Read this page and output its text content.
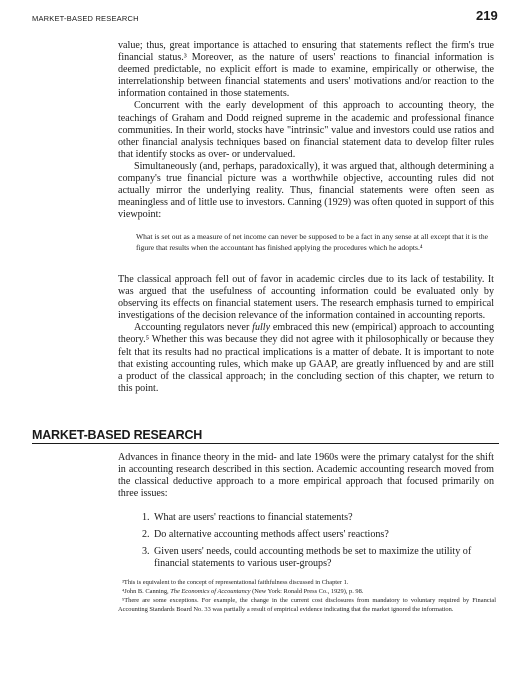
MARKET-BASED RESEARCH	219

value; thus, great importance is attached to ensuring that statements reflect the firm's true financial status.³ Moreover, as the nature of users' reactions to financial information is deemed predictable, no explicit effort is made to examine, empirically or otherwise, the interrelationship between financial statements and users' motivations and/or reaction to the information contained in those statements.

Concurrent with the early development of this approach to accounting theory, the teachings of Graham and Dodd reigned supreme in the academic and professional finance communities. In their world, stocks have "intrinsic" value and investors could use ratios and other financial analysis techniques based on financial statement data to develop filter rules that identify stocks as over- or undervalued.

Simultaneously (and, perhaps, paradoxically), it was argued that, although determining a company's true financial picture was a worthwhile objective, accounting rules did not actually mirror the underlying reality. Thus, financial statements were often seen as meaningless and of little use to investors. Canning (1929) was often quoted in support of this viewpoint:

What is set out as a measure of net income can never be supposed to be a fact in any sense at all except that it is the figure that results when the accountant has finished applying the procedures which he adopts.⁴

The classical approach fell out of favor in academic circles due to its lack of testability. It was argued that the usefulness of accounting information could be evaluated only by observing its effects on financial statement users. The research emphasis turned to empirical investigations of the decision relevance of the information contained in accounting reports.

Accounting regulators never fully embraced this new (empirical) approach to accounting theory.⁵ Whether this was because they did not agree with it philosophically or because they felt that its results had no practical implications is a matter of debate. It is important to note that existing accounting rules, which make up GAAP, are greatly influenced by and are still a product of the classical approach; in the concluding section of this chapter, we return to this point.

MARKET-BASED RESEARCH

Advances in finance theory in the mid- and late 1960s were the primary catalyst for the shift in accounting research described in this section. Academic accounting research moved from the classical deductive approach to a more empirical approach that focused primarily on three issues:

1. What are users' reactions to financial statements?
2. Do alternative accounting methods affect users' reactions?
3. Given users' needs, could accounting methods be set to maximize the utility of financial statements to various user-groups?

³This is equivalent to the concept of representational faithfulness discussed in Chapter 1.

⁴John B. Canning, The Economics of Accountancy (New York: Ronald Press Co., 1929), p. 98.

⁵There are some exceptions. For example, the change in the current cost disclosures from mandatory to voluntary required by Financial Accounting Standards Board No. 33 was partially a result of empirical evidence indicating that the market ignored the information.
